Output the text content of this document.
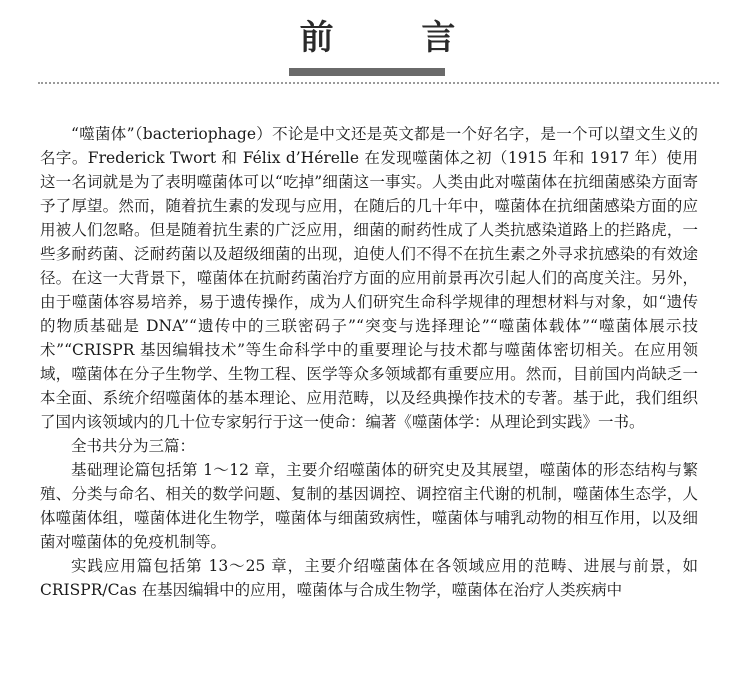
前 言

“噬菌体”（bacteriophage）不论是中文还是英文都是一个好名字，是一个可以望文生义的名字。Frederick Twort 和 Félix d’Hérelle 在发现噬菌体之初（1915 年和 1917 年）使用这一名词就是为了表明噬菌体可以“吃掉”细菌这一事实。人类由此对噬菌体在抗细菌感染方面寄予了厚望。然而，随着抗生素的发现与应用，在随后的几十年中，噬菌体在抗细菌感染方面的应用被人们忽略。但是随着抗生素的广泛应用，细菌的耐药性成了人类抗感染道路上的拦路虎，一些多耐药菌、泛耐药菌以及超级细菌的出现，迫使人们不得不在抗生素之外寻求抗感染的有效途径。在这一大背景下，噬菌体在抗耐药菌治疗方面的应用前景再次引起人们的高度关注。另外，由于噬菌体容易培养，易于遗传操作，成为人们研究生命科学规律的理想材料与对象，如“遗传的物质基础是 DNA”“遗传中的三联密码子”“突变与选择理论”“噬菌体载体”“噬菌体展示技术”“CRISPR 基因编辑技术”等生命科学中的重要理论与技术都与噬菌体密切相关。在应用领域，噬菌体在分子生物学、生物工程、医学等众多领域都有重要应用。然而，目前国内尚缺乏一本全面、系统介绍噬菌体的基本理论、应用范畴，以及经典操作技术的专著。基于此，我们组织了国内该领域内的几十位专家躬行于这一使命：编著《噬菌体学：从理论到实践》一书。

全书共分为三篇：

基础理论篇包括第 1～12 章，主要介绍噬菌体的研究史及其展望，噬菌体的形态结构与繁殖、分类与命名、相关的数学问题、复制的基因调控、调控宿主代谢的机制，噬菌体生态学，人体噬菌体组，噬菌体进化生物学，噬菌体与细菌致病性，噬菌体与哺乳动物的相互作用，以及细菌对噬菌体的免疫机制等。

实践应用篇包括第 13～25 章，主要介绍噬菌体在各领域应用的范畴、进展与前景，如 CRISPR/Cas 在基因编辑中的应用，噬菌体与合成生物学，噬菌体在治疗人类疾病中
